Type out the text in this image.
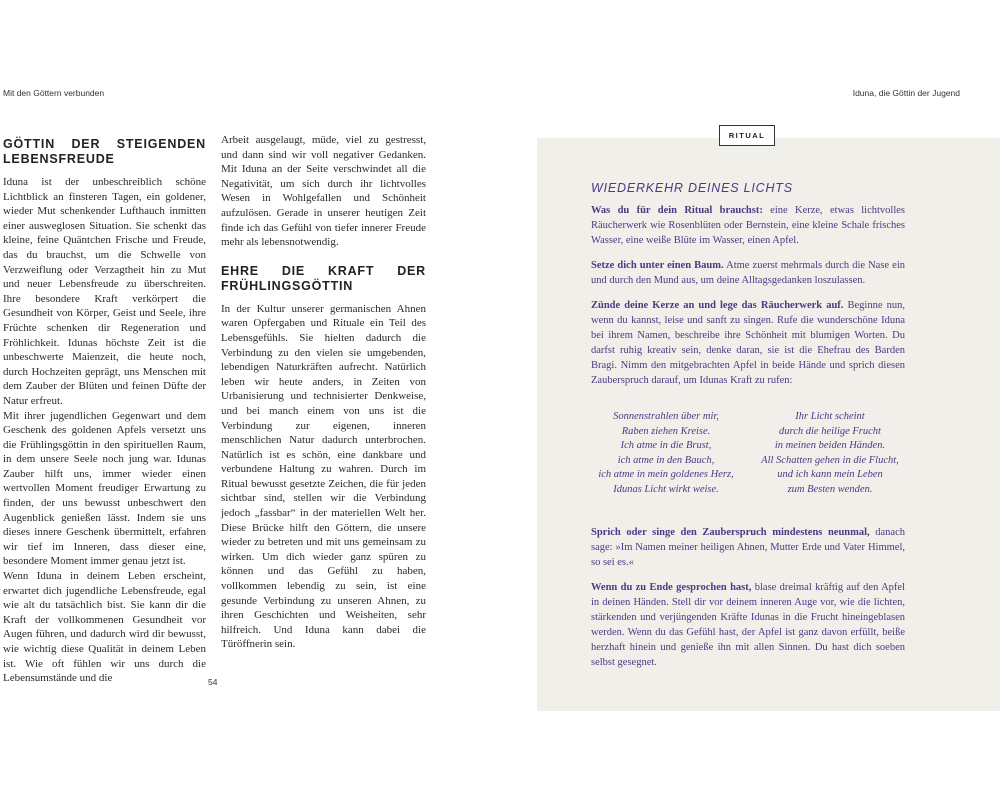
Mit den Göttern verbunden	Iduna, die Göttin der Jugend
GÖTTIN DER STEIGENDEN LEBENSFREUDE

Iduna ist der unbeschreiblich schöne Lichtblick an finsteren Tagen, ein goldener, wieder Mut schenkender Lufthauch inmitten einer ausweglosen Situation. Sie schenkt das kleine, feine Quäntchen Frische und Freude, das du brauchst, um die Schwelle von Verzweiflung oder Verzagtheit hin zu Mut und neuer Lebensfreude zu überschreiten. Ihre besondere Kraft verkörpert die Gesundheit von Körper, Geist und Seele, ihre Früchte schenken dir Regeneration und Fröhlichkeit. Idunas höchste Zeit ist die unbeschwerte Maienzeit, die heute noch, durch Hochzeiten geprägt, uns Menschen mit dem Zauber der Blüten und feinen Düfte der Natur erfreut.

Mit ihrer jugendlichen Gegenwart und dem Geschenk des goldenen Apfels versetzt uns die Frühlingsgöttin in den spirituellen Raum, in dem unsere Seele noch jung war. Idunas Zauber hilft uns, immer wieder einen wertvollen Moment freudiger Erwartung zu finden, der uns bewusst unbeschwert den Augenblick genießen lässt. Indem sie uns dieses innere Geschenk übermittelt, erfahren wir tief im Inneren, dass dieser eine, besondere Moment immer genau jetzt ist.

Wenn Iduna in deinem Leben erscheint, erwartet dich jugendliche Lebensfreude, egal wie alt du tatsächlich bist. Sie kann dir die Kraft der vollkommenen Gesundheit vor Augen führen, und dadurch wird dir bewusst, wie wichtig diese Qualität in deinem Leben ist. Wie oft fühlen wir uns durch die Lebensumstände und die

Arbeit ausgelaugt, müde, viel zu gestresst, und dann sind wir voll negativer Gedanken. Mit Iduna an der Seite verschwindet all die Negativität, um sich durch ihr lichtvolles Wesen in Wohlgefallen und Schönheit aufzulösen. Gerade in unserer heutigen Zeit finde ich das Gefühl von tiefer innerer Freude mehr als lebensnotwendig.

EHRE DIE KRAFT DER FRÜHLINGSGÖTTIN

In der Kultur unserer germanischen Ahnen waren Opfergaben und Rituale ein Teil des Lebensgefühls. Sie hielten dadurch die Verbindung zu den vielen sie umgebenden, lebendigen Naturkräften aufrecht. Natürlich leben wir heute anders, in Zeiten von Urbanisierung und technisierter Denkweise, und bei manch einem von uns ist die Verbindung zur eigenen, inneren menschlichen Natur dadurch unterbrochen. Natürlich ist es schön, eine dankbare und verbundene Haltung zu wahren. Durch im Ritual bewusst gesetzte Zeichen, die für jeden sichtbar sind, stellen wir die Verbindung jedoch „fassbar“ in der materiellen Welt her. Diese Brücke hilft den Göttern, die unsere wieder zu betreten und mit uns gemeinsam zu wirken. Um dich wieder ganz spüren zu können und das Gefühl zu haben, vollkommen lebendig zu sein, ist eine gesunde Verbindung zu unseren Ahnen, zu ihren Geschichten und Weisheiten, sehr hilfreich. Und Iduna kann dabei die Türöffnerin sein.

54
RITUAL
WIEDERKEHR DEINES LICHTS

Was du für dein Ritual brauchst: eine Kerze, etwas lichtvolles Räucherwerk wie Rosenblüten oder Bernstein, eine kleine Schale frisches Wasser, eine weiße Blüte im Wasser, einen Apfel.

Setze dich unter einen Baum. Atme zuerst mehrmals durch die Nase ein und durch den Mund aus, um deine Alltagsgedanken loszulassen.

Zünde deine Kerze an und lege das Räucherwerk auf. Beginne nun, wenn du kannst, leise und sanft zu singen. Rufe die wunderschöne Iduna bei ihrem Namen, beschreibe ihre Schönheit mit blumigen Worten. Du darfst ruhig kreativ sein, denke daran, sie ist die Ehefrau des Barden Bragi. Nimm den mitgebrachten Apfel in beide Hände und sprich diesen Zauberspruch darauf, um Idunas Kraft zu rufen:

Sonnenstrahlen über mir,
Raben ziehen Kreise.
Ich atme in die Brust,
ich atme in den Bauch,
ich atme in mein goldenes Herz,
Idunas Licht wirkt weise.
Ihr Licht scheint
durch die heilige Frucht
in meinen beiden Händen.
All Schatten gehen in die Flucht,
und ich kann mein Leben
zum Besten wenden.

Sprich oder singe den Zauberspruch mindestens neunmal, danach sage: »Im Namen meiner heiligen Ahnen, Mutter Erde und Vater Himmel, so sei es.«

Wenn du zu Ende gesprochen hast, blase dreimal kräftig auf den Apfel in deinen Händen. Stell dir vor deinem inneren Auge vor, wie die lichten, stärkenden und verjüngenden Kräfte Idunas in die Frucht hineingeblasen werden. Wenn du das Gefühl hast, der Apfel ist ganz davon erfüllt, beiße herzhaft hinein und genieße ihn mit allen Sinnen. Du hast dich soeben selbst gesegnet.
